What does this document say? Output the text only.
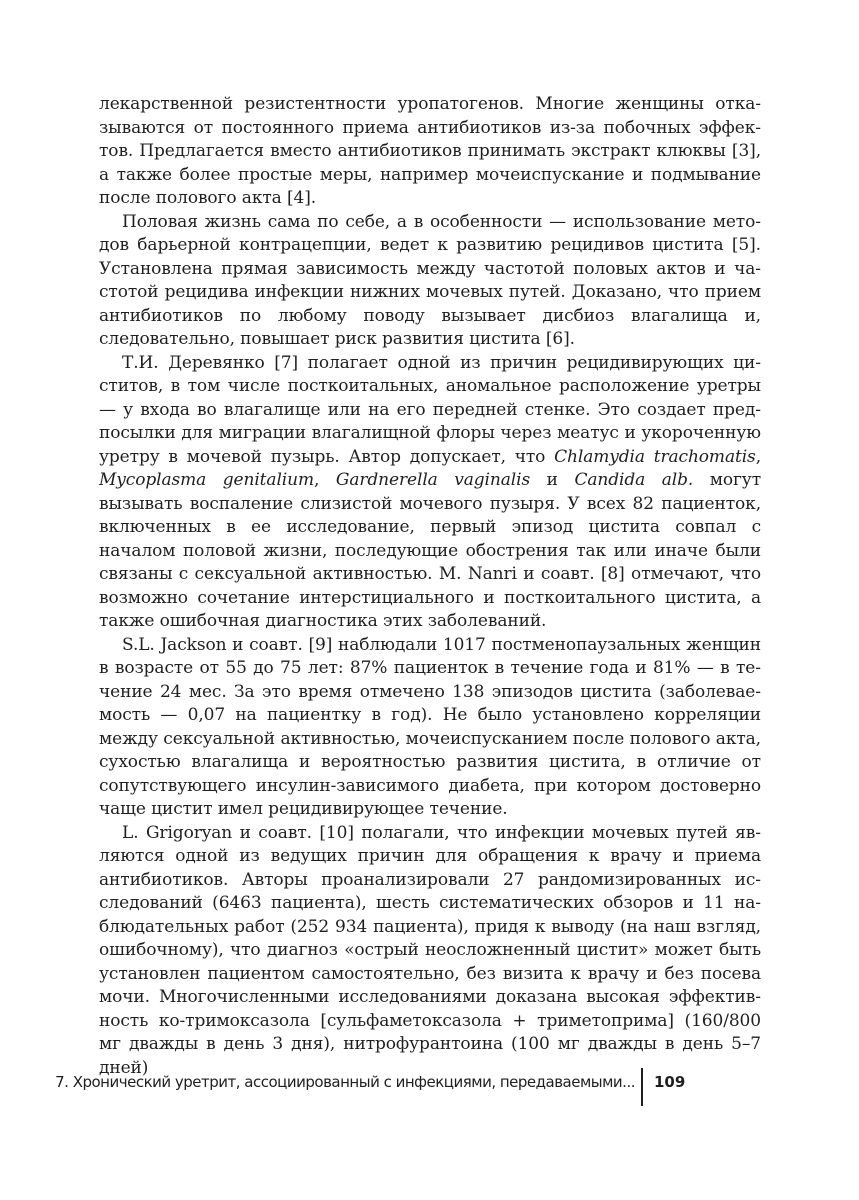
лекарственной резистентности уропатогенов. Многие женщины отказываются от постоянного приема антибиотиков из-за побочных эффектов. Предлагается вместо антибиотиков принимать экстракт клюквы [3], а также более простые меры, например мочеиспускание и подмывание после полового акта [4].

Половая жизнь сама по себе, а в особенности — использование методов барьерной контрацепции, ведет к развитию рецидивов цистита [5]. Установлена прямая зависимость между частотой половых актов и частотой рецидива инфекции нижних мочевых путей. Доказано, что прием антибиотиков по любому поводу вызывает дисбиоз влагалища и, следовательно, повышает риск развития цистита [6].

Т.И. Деревянко [7] полагает одной из причин рецидивирующих циститов, в том числе посткоитальных, аномальное расположение уретры — у входа во влагалище или на его передней стенке. Это создает предпосылки для миграции влагалищной флоры через меатус и укороченную уретру в мочевой пузырь. Автор допускает, что Chlamydia trachomatis, Mycoplasma genitalium, Gardnerella vaginalis и Candida alb. могут вызывать воспаление слизистой мочевого пузыря. У всех 82 пациенток, включенных в ее исследование, первый эпизод цистита совпал с началом половой жизни, последующие обострения так или иначе были связаны с сексуальной активностью. M. Nanri и соавт. [8] отмечают, что возможно сочетание интерстициального и посткоитального цистита, а также ошибочная диагностика этих заболеваний.

S.L. Jackson и соавт. [9] наблюдали 1017 постменопаузальных женщин в возрасте от 55 до 75 лет: 87% пациенток в течение года и 81% — в течение 24 мес. За это время отмечено 138 эпизодов цистита (заболеваемость — 0,07 на пациентку в год). Не было установлено корреляции между сексуальной активностью, мочеиспусканием после полового акта, сухостью влагалища и вероятностью развития цистита, в отличие от сопутствующего инсулин-зависимого диабета, при котором достоверно чаще цистит имел рецидивирующее течение.

L. Grigoryan и соавт. [10] полагали, что инфекции мочевых путей являются одной из ведущих причин для обращения к врачу и приема антибиотиков. Авторы проанализировали 27 рандомизированных исследований (6463 пациента), шесть систематических обзоров и 11 наблюдательных работ (252 934 пациента), придя к выводу (на наш взгляд, ошибочному), что диагноз «острый неосложненный цистит» может быть установлен пациентом самостоятельно, без визита к врачу и без посева мочи. Многочисленными исследованиями доказана высокая эффективность ко-тримоксазола [сульфаметоксазола + триметоприма] (160/800 мг дважды в день 3 дня), нитрофурантоина (100 мг дважды в день 5–7 дней)

7. Хронический уретрит, ассоциированный с инфекциями, передаваемыми... 109
